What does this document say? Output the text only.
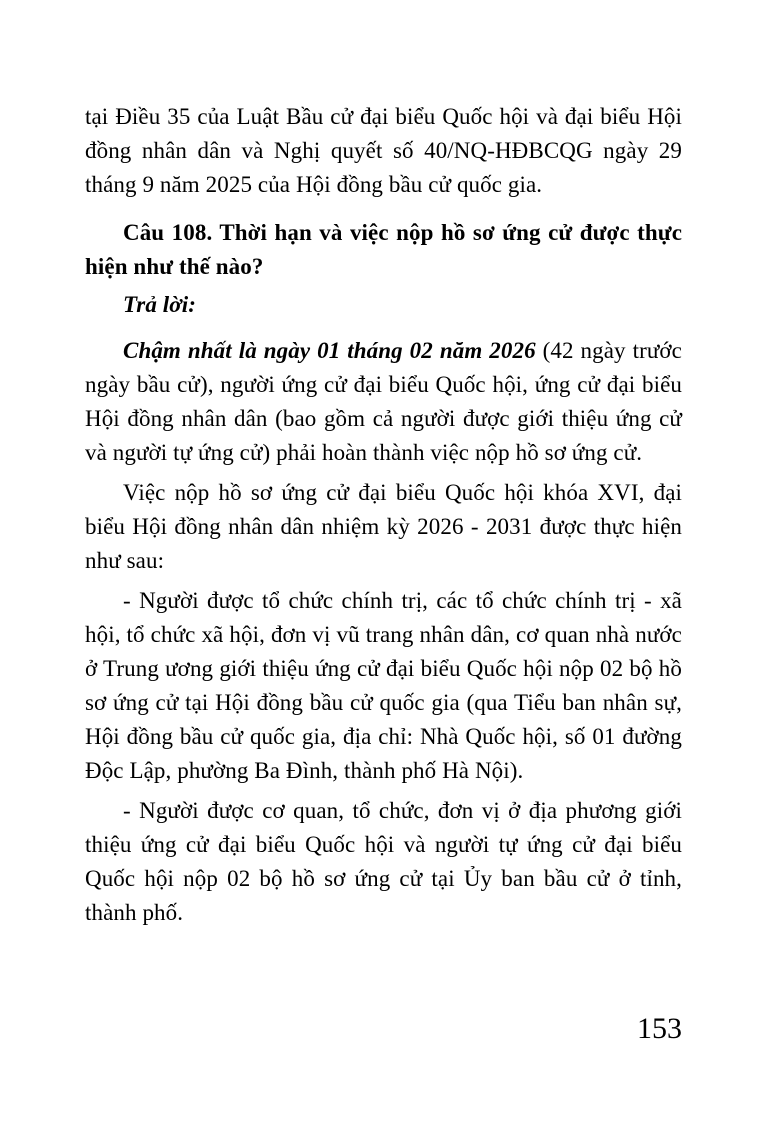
tại Điều 35 của Luật Bầu cử đại biểu Quốc hội và đại biểu Hội đồng nhân dân và Nghị quyết số 40/NQ-HĐBCQG ngày 29 tháng 9 năm 2025 của Hội đồng bầu cử quốc gia.

Câu 108. Thời hạn và việc nộp hồ sơ ứng cử được thực hiện như thế nào?

Trả lời:

Chậm nhất là ngày 01 tháng 02 năm 2026 (42 ngày trước ngày bầu cử), người ứng cử đại biểu Quốc hội, ứng cử đại biểu Hội đồng nhân dân (bao gồm cả người được giới thiệu ứng cử và người tự ứng cử) phải hoàn thành việc nộp hồ sơ ứng cử.

Việc nộp hồ sơ ứng cử đại biểu Quốc hội khóa XVI, đại biểu Hội đồng nhân dân nhiệm kỳ 2026 - 2031 được thực hiện như sau:

- Người được tổ chức chính trị, các tổ chức chính trị - xã hội, tổ chức xã hội, đơn vị vũ trang nhân dân, cơ quan nhà nước ở Trung ương giới thiệu ứng cử đại biểu Quốc hội nộp 02 bộ hồ sơ ứng cử tại Hội đồng bầu cử quốc gia (qua Tiểu ban nhân sự, Hội đồng bầu cử quốc gia, địa chỉ: Nhà Quốc hội, số 01 đường Độc Lập, phường Ba Đình, thành phố Hà Nội).

- Người được cơ quan, tổ chức, đơn vị ở địa phương giới thiệu ứng cử đại biểu Quốc hội và người tự ứng cử đại biểu Quốc hội nộp 02 bộ hồ sơ ứng cử tại Ủy ban bầu cử ở tỉnh, thành phố.

153
